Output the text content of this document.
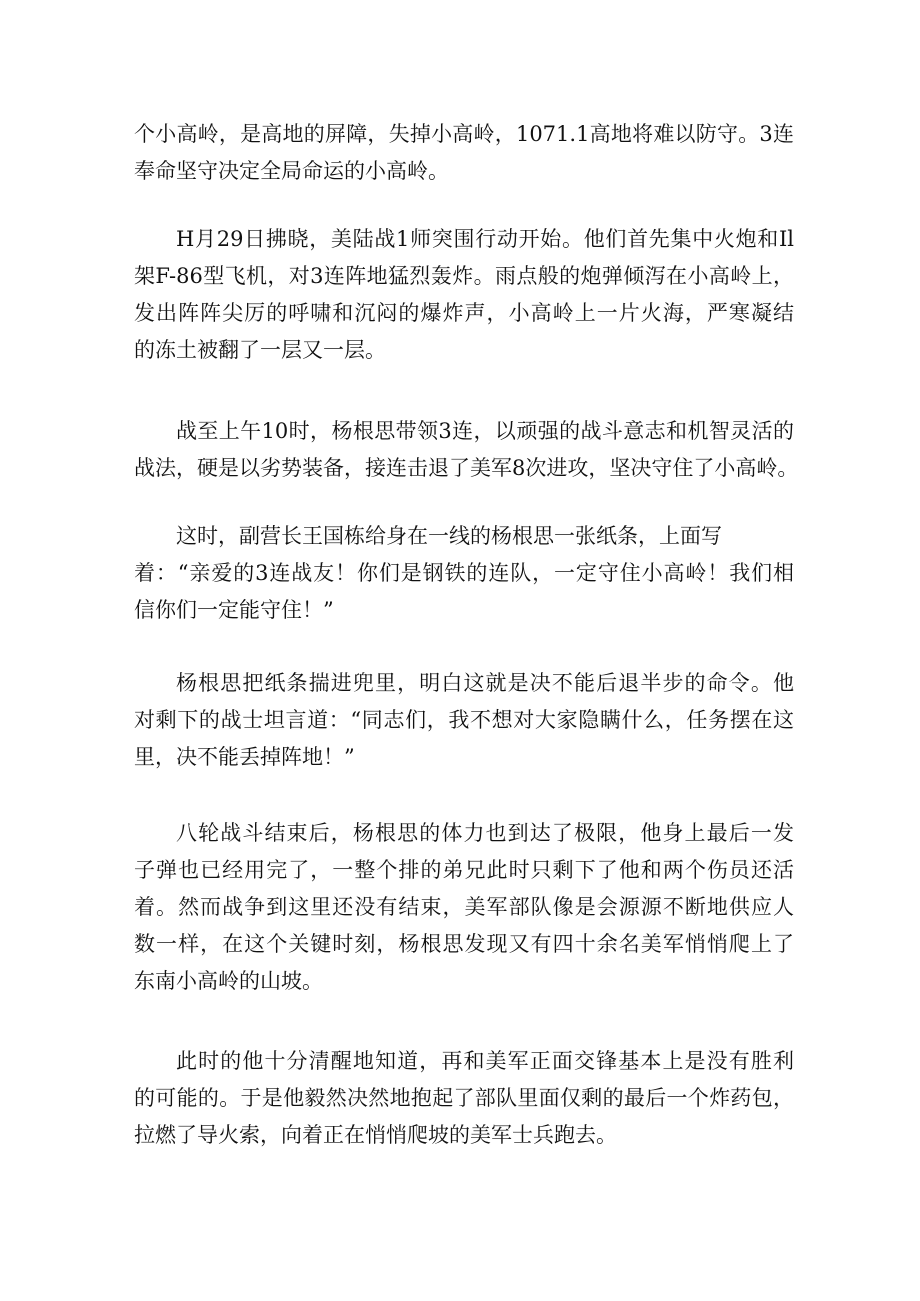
个小高岭，是高地的屏障，失掉小高岭，1071.1高地将难以防守。3连
奉命坚守决定全局命运的小高岭。
H月29日拂晓，美陆战1师突围行动开始。他们首先集中火炮和Il
架F-86型飞机，对3连阵地猛烈轰炸。雨点般的炮弹倾泻在小高岭上，
发出阵阵尖厉的呼啸和沉闷的爆炸声，小高岭上一片火海，严寒凝结
的冻土被翻了一层又一层。
战至上午10时，杨根思带领3连，以顽强的战斗意志和机智灵活的
战法，硬是以劣势装备，接连击退了美军8次进攻，坚决守住了小高岭。
这时，副营长王国栋给身在一线的杨根思一张纸条，上面写
着：“亲爱的3连战友！你们是钢铁的连队，一定守住小高岭！我们相
信你们一定能守住！”
杨根思把纸条揣进兜里，明白这就是决不能后退半步的命令。他
对剩下的战士坦言道：“同志们，我不想对大家隐瞒什么，任务摆在这
里，决不能丢掉阵地！”
八轮战斗结束后，杨根思的体力也到达了极限，他身上最后一发
子弹也已经用完了，一整个排的弟兄此时只剩下了他和两个伤员还活
着。然而战争到这里还没有结束，美军部队像是会源源不断地供应人
数一样，在这个关键时刻，杨根思发现又有四十余名美军悄悄爬上了
东南小高岭的山坡。
此时的他十分清醒地知道，再和美军正面交锋基本上是没有胜利
的可能的。于是他毅然决然地抱起了部队里面仅剩的最后一个炸药包，
拉燃了导火索，向着正在悄悄爬坡的美军士兵跑去。
